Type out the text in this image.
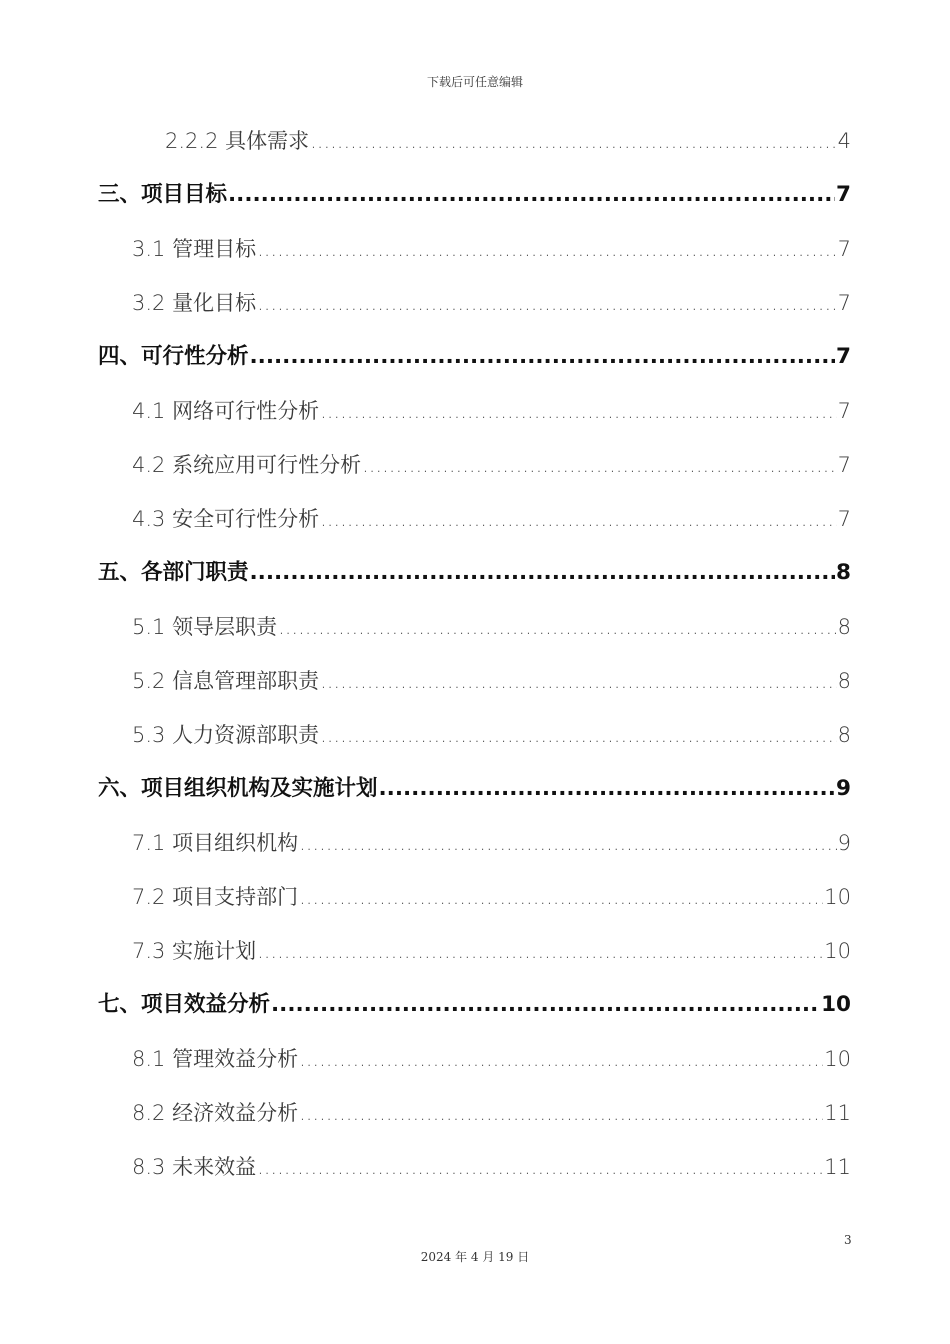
下载后可任意编辑
2.2.2 具体需求 .....	4
三、项目目标 .....	7
3.1 管理目标 .....	7
3.2 量化目标 .....	7
四、可行性分析 .....	7
4.1 网络可行性分析 .....	7
4.2 系统应用可行性分析 .....	7
4.3 安全可行性分析 .....	7
五、各部门职责 .....	8
5.1 领导层职责 .....	8
5.2 信息管理部职责 .....	8
5.3 人力资源部职责 .....	8
六、项目组织机构及实施计划 .....	9
7.1 项目组织机构 .....	9
7.2 项目支持部门 .....	10
7.3 实施计划 .....	10
七、项目效益分析 .....	10
8.1 管理效益分析 .....	10
8.2 经济效益分析 .....	11
8.3 未来效益 .....	11
3
2024 年 4 月 19 日
